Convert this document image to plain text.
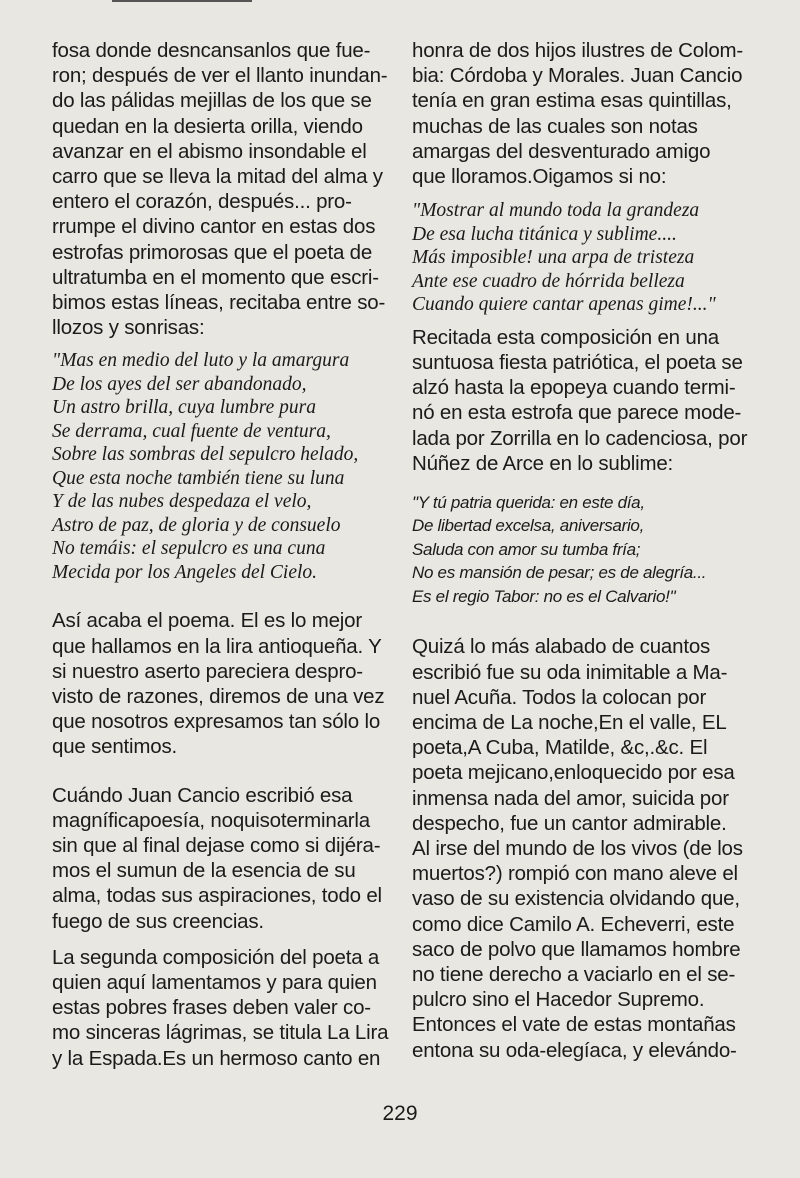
fosa donde desncansanlos que fue-
ron; después de ver el llanto inundan-
do las pálidas mejillas de los que se
quedan en la desierta orilla, viendo
avanzar en el abismo insondable el
carro que se lleva la mitad del alma y
entero el corazón, después... pro-
rrumpe el divino cantor en estas dos
estrofas primorosas que el poeta de
ultratumba en el momento que escri-
bimos estas líneas, recitaba entre so-
llozos y sonrisas:
"Mas en medio del luto y la amargura
De los ayes del ser abandonado,
Un astro brilla, cuya lumbre pura
Se derrama, cual fuente de ventura,
Sobre las sombras del sepulcro helado,
Que esta noche también tiene su luna
Y de las nubes despedaza el velo,
Astro de paz, de gloria y de consuelo
No temáis: el sepulcro es una cuna
Mecida por los Angeles del Cielo.
Así acaba el poema. El es lo mejor
que hallamos en la lira antioqueña. Y
si nuestro aserto pareciera despro-
visto de razones, diremos de una vez
que nosotros expresamos tan sólo lo
que sentimos.
Cuándo Juan Cancio escribió esa
magníficapoesía, noquisoterminarla
sin que al final dejase como si dijéra-
mos el sumun de la esencia de su
alma, todas sus aspiraciones, todo el
fuego de sus creencias.
La segunda composición del poeta a
quien aquí lamentamos y para quien
estas pobres frases deben valer co-
mo sinceras lágrimas, se titula La Lira
y la Espada.Es un hermoso canto en
honra de dos hijos ilustres de Colom-
bia: Córdoba y Morales. Juan Cancio
tenía en gran estima esas quintillas,
muchas de las cuales son notas
amargas del desventurado amigo
que lloramos.Oigamos si no:
"Mostrar al mundo toda la grandeza
De esa lucha titánica y sublime....
Más imposible! una arpa de tristeza
Ante ese cuadro de hórrida belleza
Cuando quiere cantar apenas gime!..."
Recitada esta composición en una
suntuosa fiesta patriótica, el poeta se
alzó hasta la epopeya cuando termi-
nó en esta estrofa que parece mode-
lada por Zorrilla en lo cadenciosa, por
Núñez de Arce en lo sublime:
"Y tú patria querida: en este día,
De libertad excelsa, aniversario,
Saluda con amor su tumba fría;
No es mansión de pesar; es de alegría...
Es el regio Tabor: no es el Calvario!"
Quizá lo más alabado de cuantos
escribió fue su oda inimitable a Ma-
nuel Acuña. Todos la colocan por
encima de La noche,En el valle, EL
poeta,A Cuba, Matilde, &c,.&c. El
poeta mejicano,enloquecido por esa
inmensa nada del amor, suicida por
despecho, fue un cantor admirable.
Al irse del mundo de los vivos (de los
muertos?) rompió con mano aleve el
vaso de su existencia olvidando que,
como dice Camilo A. Echeverri, este
saco de polvo que llamamos hombre
no tiene derecho a vaciarlo en el se-
pulcro sino el Hacedor Supremo.
Entonces el vate de estas montañas
entona su oda-elegíaca, y elevándo-
229
